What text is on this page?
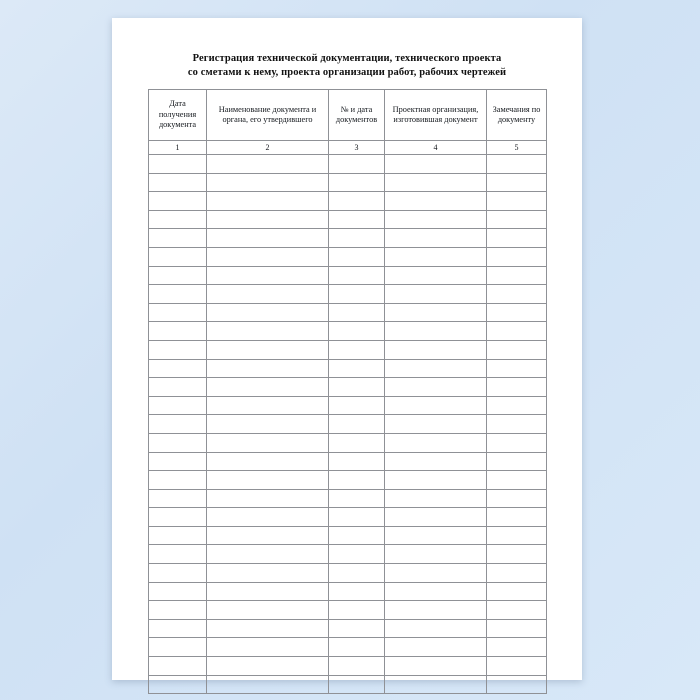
Регистрация технической документации, технического проекта
со сметами к нему, проекта организации работ, рабочих чертежей
Дата получения документа	Наименование документа и органа, его утвердившего	№ и дата документов	Проектная организация, изготовившая документ	Замечания по документу
1	2	3	4	5
